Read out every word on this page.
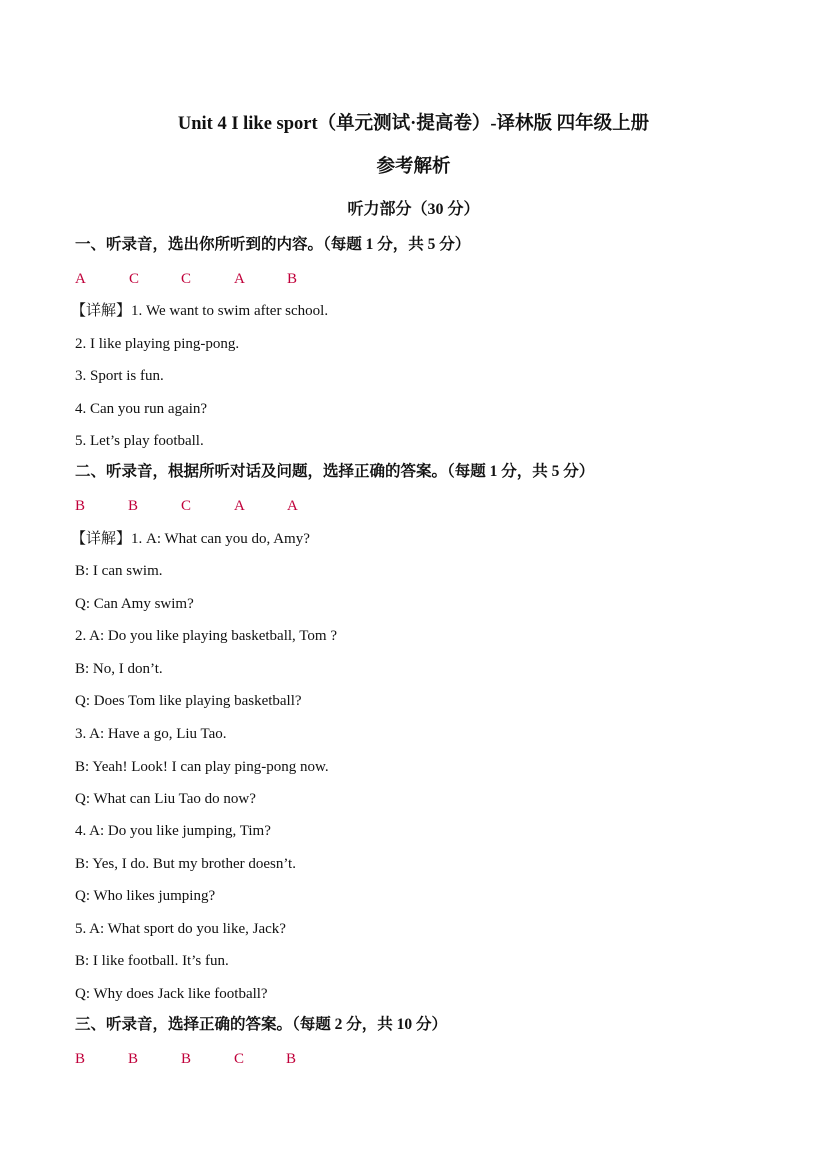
Unit 4 I like sport（单元测试·提高卷）-译林版 四年级上册
参考解析
听力部分（30 分）
一、听录音，选出你所听到的内容。（每题 1 分，共 5 分）
A	C	C	A	B
【详解】1. We want to swim after school.
2. I like playing ping-pong.
3. Sport is fun.
4. Can you run again?
5. Let’s play football.
二、听录音，根据所听对话及问题，选择正确的答案。（每题 1 分，共 5 分）
B	B	C	A	A
【详解】1. A: What can you do, Amy?
B: I can swim.
Q: Can Amy swim?
2. A: Do you like playing basketball, Tom ?
B: No, I don’t.
Q: Does Tom like playing basketball?
3. A: Have a go, Liu Tao.
B: Yeah! Look! I can play ping-pong now.
Q: What can Liu Tao do now?
4. A: Do you like jumping, Tim?
B: Yes, I do. But my brother doesn’t.
Q: Who likes jumping?
5. A: What sport do you like, Jack?
B: I like football. It’s fun.
Q: Why does Jack like football?
三、听录音，选择正确的答案。（每题 2 分，共 10 分）
B	B	B	C	B
